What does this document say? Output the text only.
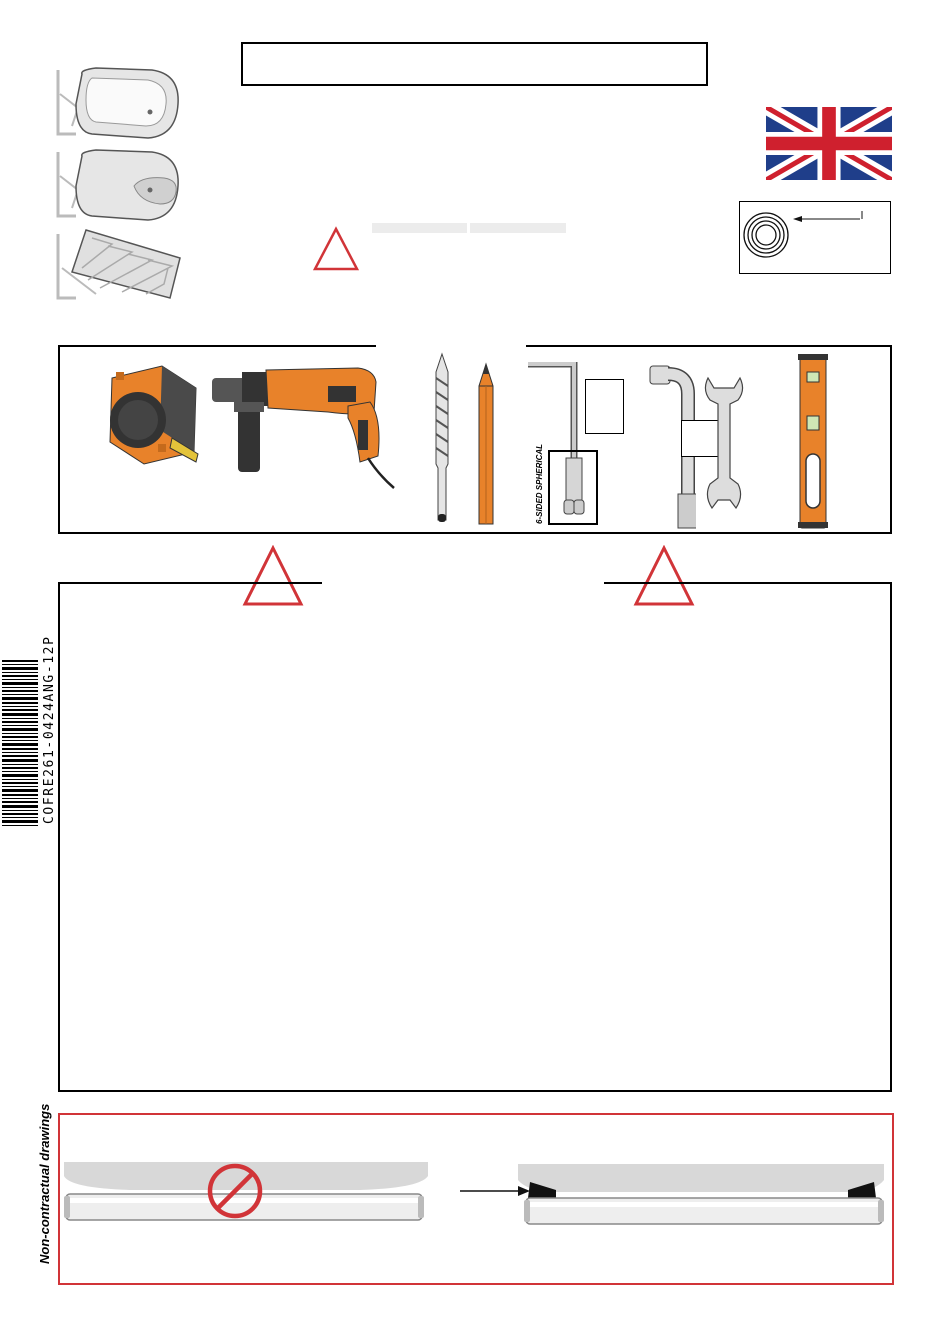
6-SIDED SPHERICAL
COFRE261-0424ANG-12P
Non-contractual drawings
